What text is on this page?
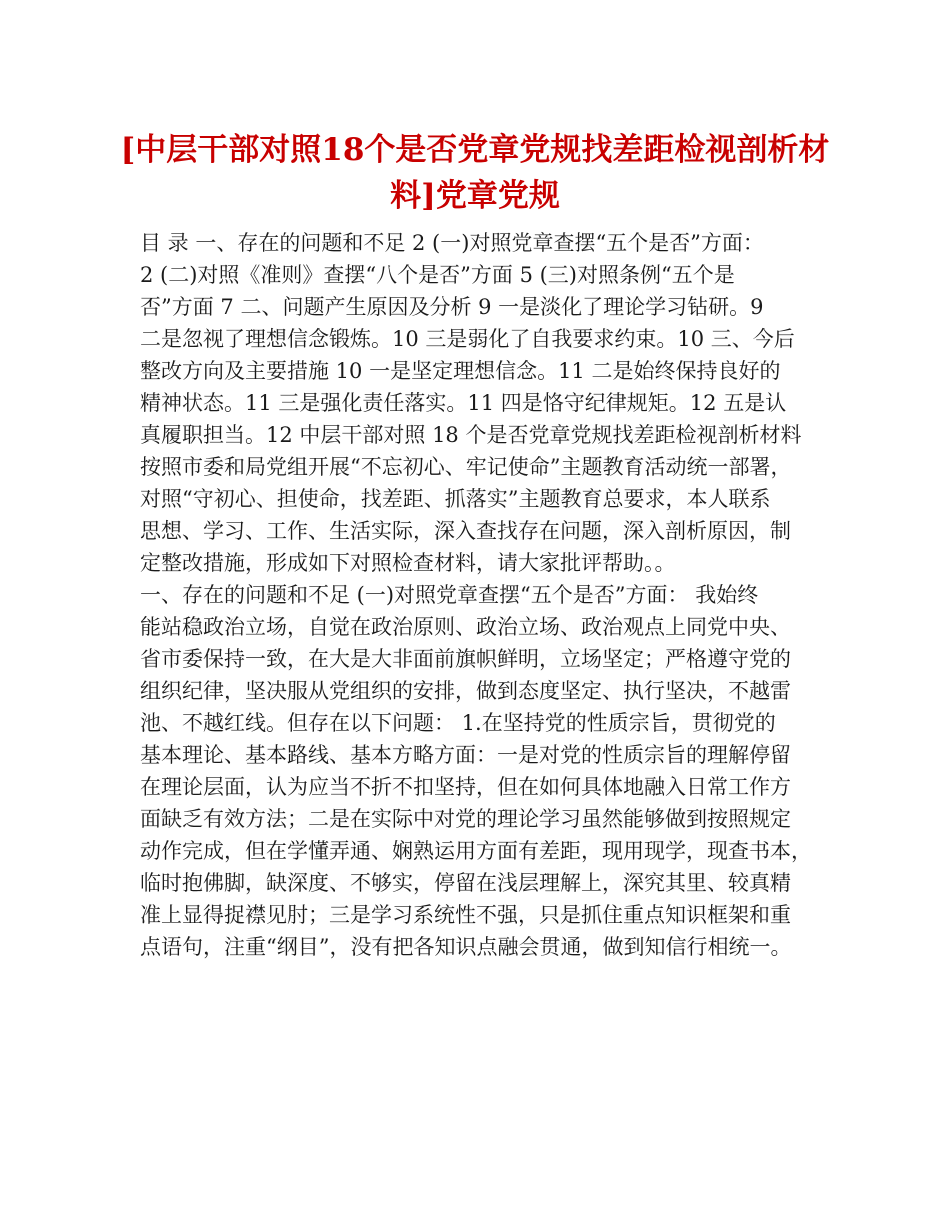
[中层干部对照18个是否党章党规找差距检视剖析材
料]党章党规
目 录 一、存在的问题和不足 2 (一)对照党章查摆“五个是否”方面：
2 (二)对照《准则》查摆“八个是否”方面 5 (三)对照条例“五个是
否”方面 7 二、问题产生原因及分析 9 一是淡化了理论学习钻研。9
二是忽视了理想信念锻炼。10 三是弱化了自我要求约束。10 三、今后
整改方向及主要措施 10 一是坚定理想信念。11 二是始终保持良好的
精神状态。11 三是强化责任落实。11 四是恪守纪律规矩。12 五是认
真履职担当。12 中层干部对照 18 个是否党章党规找差距检视剖析材料
按照市委和局党组开展“不忘初心、牢记使命”主题教育活动统一部署，
对照“守初心、担使命，找差距、抓落实”主题教育总要求，本人联系
思想、学习、工作、生活实际，深入查找存在问题，深入剖析原因，制
定整改措施，形成如下对照检查材料，请大家批评帮助。。
一、存在的问题和不足 (一)对照党章查摆“五个是否”方面： 我始终
能站稳政治立场，自觉在政治原则、政治立场、政治观点上同党中央、
省市委保持一致，在大是大非面前旗帜鲜明，立场坚定；严格遵守党的
组织纪律，坚决服从党组织的安排，做到态度坚定、执行坚决，不越雷
池、不越红线。但存在以下问题： 1.在坚持党的性质宗旨，贯彻党的
基本理论、基本路线、基本方略方面：一是对党的性质宗旨的理解停留
在理论层面，认为应当不折不扣坚持，但在如何具体地融入日常工作方
面缺乏有效方法；二是在实际中对党的理论学习虽然能够做到按照规定
动作完成，但在学懂弄通、娴熟运用方面有差距，现用现学，现查书本，
临时抱佛脚，缺深度、不够实，停留在浅层理解上，深究其里、较真精
准上显得捉襟见肘；三是学习系统性不强，只是抓住重点知识框架和重
点语句，注重“纲目”，没有把各知识点融会贯通，做到知信行相统一。
